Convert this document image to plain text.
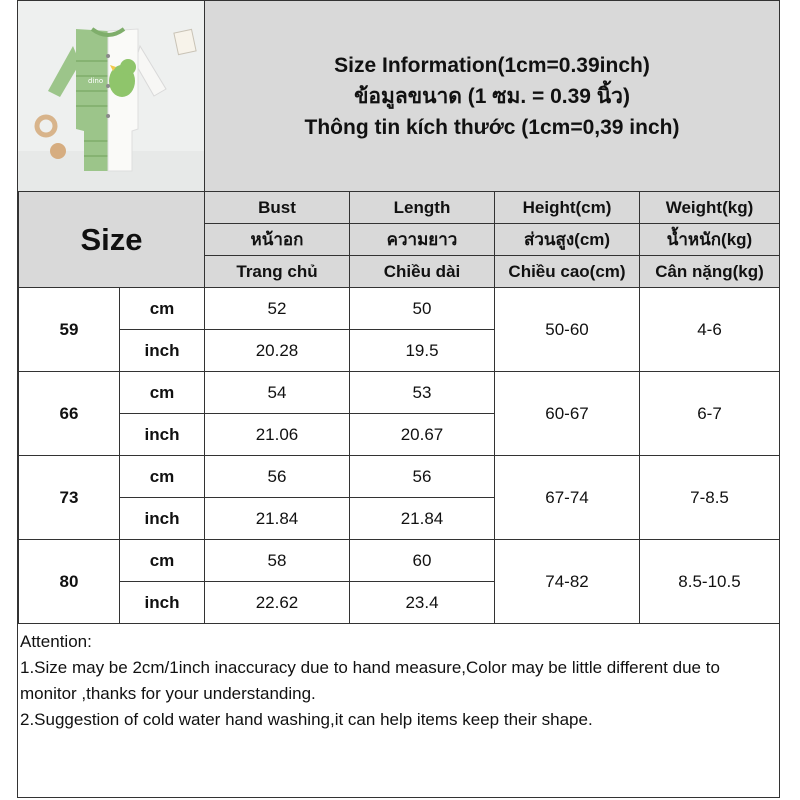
dino
Size Information(1cm=0.39inch)
ข้อมูลขนาด (1 ซม. = 0.39 นิ้ว)
Thông tin kích thước (1cm=0,39 inch)
Size		Bust	Length	Height(cm)	Weight(kg)
		หน้าอก	ความยาว	ส่วนสูง(cm)	น้ำหนัก(kg)
		Trang chủ	Chiều dài	Chiều cao(cm)	Cân nặng(kg)
59	cm	52	50	50-60	4-6
	inch	20.28	19.5		
66	cm	54	53	60-67	6-7
	inch	21.06	20.67		
73	cm	56	56	67-74	7-8.5
	inch	21.84	21.84		
80	cm	58	60	74-82	8.5-10.5
	inch	22.62	23.4		

Attention:

1.Size may be 2cm/1inch inaccuracy due to hand measure,Color may be little different due to monitor ,thanks for your understanding.

2.Suggestion of cold water hand washing,it can help items keep their shape.
